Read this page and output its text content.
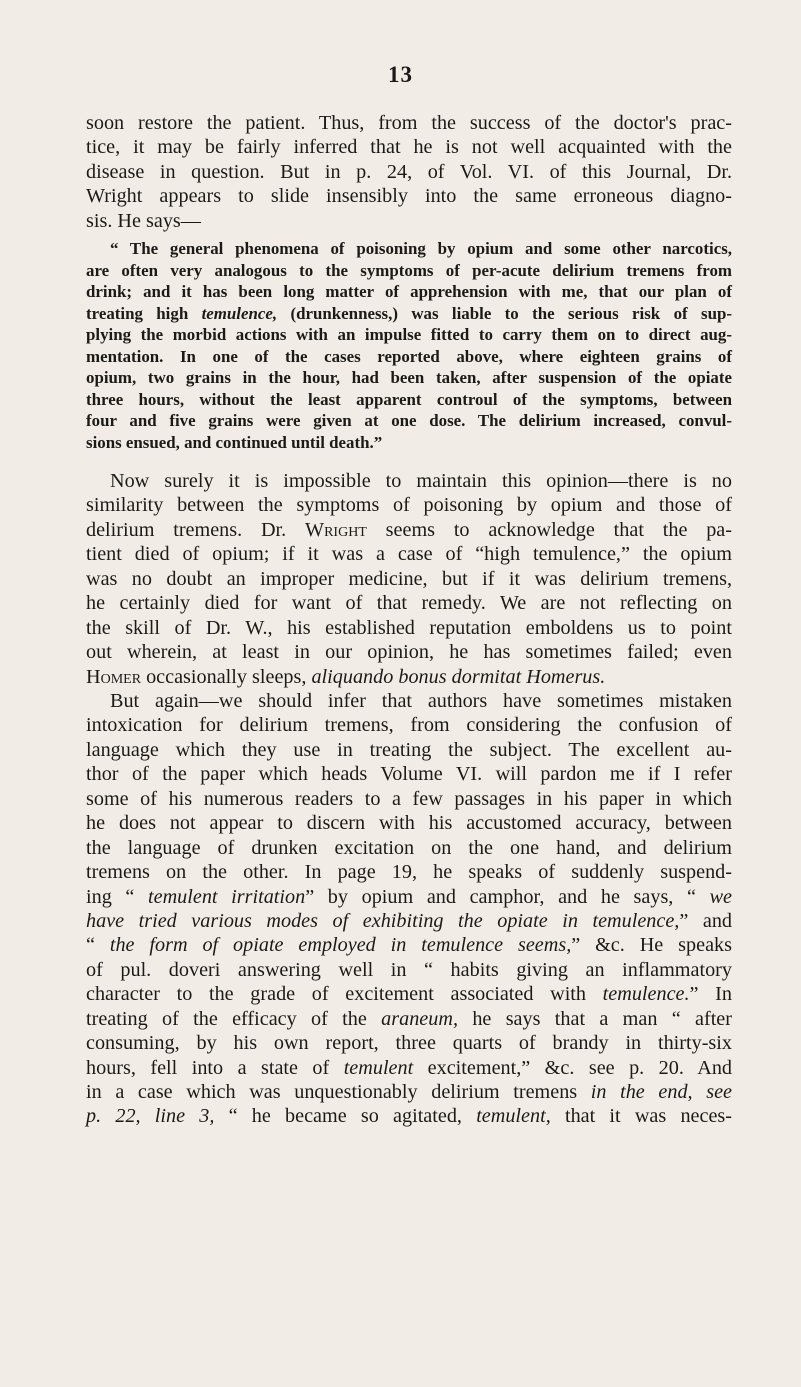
13
soon restore the patient. Thus, from the success of the doctor's prac-
tice, it may be fairly inferred that he is not well acquainted with the
disease in question. But in p. 24, of Vol. VI. of this Journal, Dr.
Wright appears to slide insensibly into the same erroneous diagno-
sis. He says—
“ The general phenomena of poisoning by opium and some other narcotics,
are often very analogous to the symptoms of per-acute delirium tremens from
drink; and it has been long matter of apprehension with me, that our plan of
treating high temulence, (drunkenness,) was liable to the serious risk of sup-
plying the morbid actions with an impulse fitted to carry them on to direct aug-
mentation. In one of the cases reported above, where eighteen grains of
opium, two grains in the hour, had been taken, after suspension of the opiate
three hours, without the least apparent controul of the symptoms, between
four and five grains were given at one dose. The delirium increased, convul-
sions ensued, and continued until death.”
Now surely it is impossible to maintain this opinion—there is no
similarity between the symptoms of poisoning by opium and those of
delirium tremens. Dr. Wright seems to acknowledge that the pa-
tient died of opium; if it was a case of “high temulence,” the opium
was no doubt an improper medicine, but if it was delirium tremens,
he certainly died for want of that remedy. We are not reflecting on
the skill of Dr. W., his established reputation emboldens us to point
out wherein, at least in our opinion, he has sometimes failed; even
Homer occasionally sleeps, aliquando bonus dormitat Homerus.
But again—we should infer that authors have sometimes mistaken
intoxication for delirium tremens, from considering the confusion of
language which they use in treating the subject. The excellent au-
thor of the paper which heads Volume VI. will pardon me if I refer
some of his numerous readers to a few passages in his paper in which
he does not appear to discern with his accustomed accuracy, between
the language of drunken excitation on the one hand, and delirium
tremens on the other. In page 19, he speaks of suddenly suspend-
ing “ temulent irritation” by opium and camphor, and he says, “ we
have tried various modes of exhibiting the opiate in temulence,” and
“ the form of opiate employed in temulence seems,” &c. He speaks
of pul. doveri answering well in “ habits giving an inflammatory
character to the grade of excitement associated with temulence.” In
treating of the efficacy of the araneum, he says that a man “ after
consuming, by his own report, three quarts of brandy in thirty-six
hours, fell into a state of temulent excitement,” &c. see p. 20. And
in a case which was unquestionably delirium tremens in the end, see
p. 22, line 3, “ he became so agitated, temulent, that it was neces-
